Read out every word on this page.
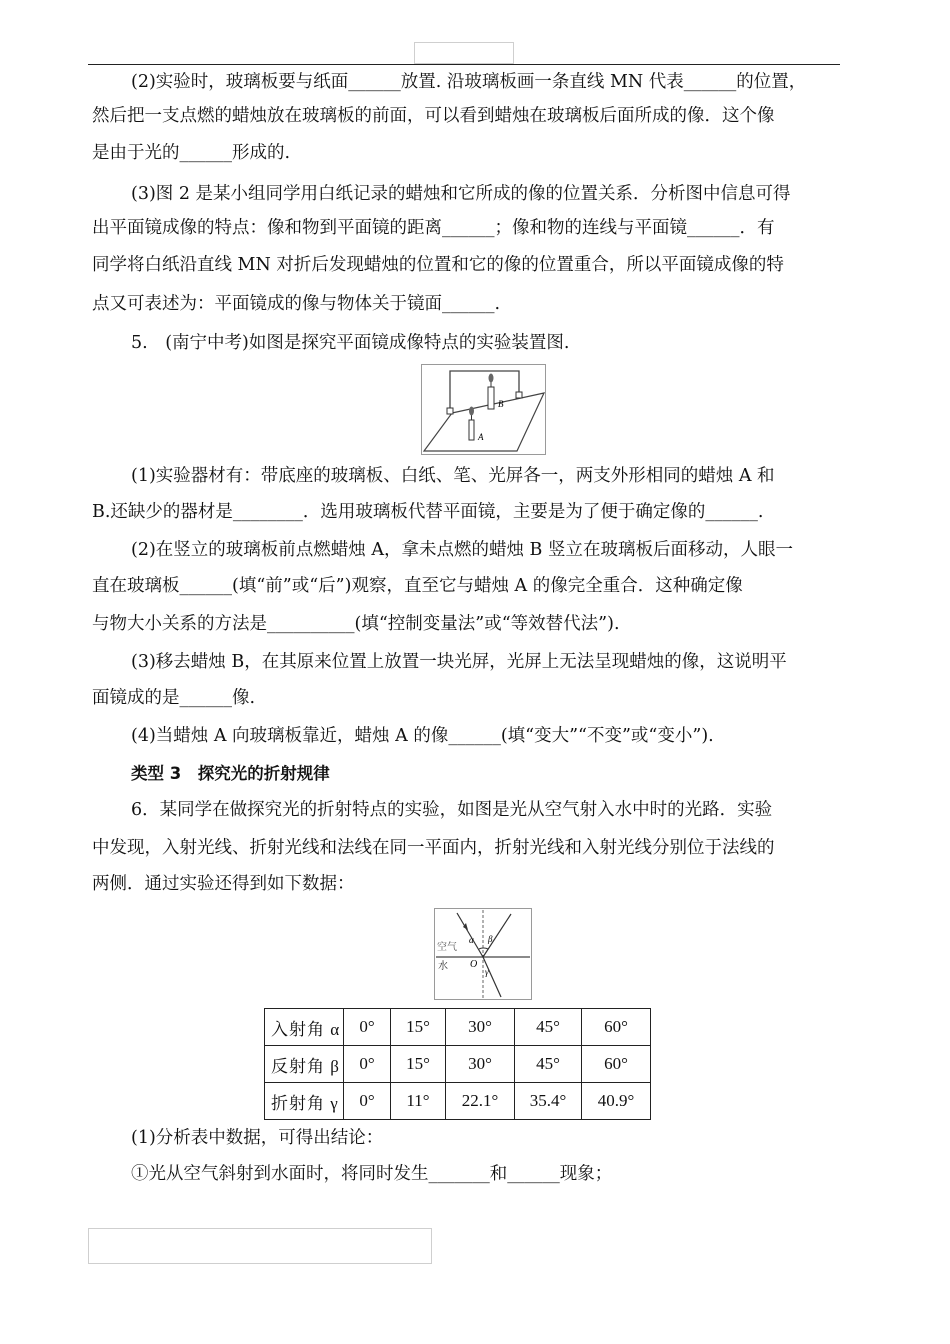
(2)实验时，玻璃板要与纸面______放置. 沿玻璃板画一条直线 MN 代表______的位置，
然后把一支点燃的蜡烛放在玻璃板的前面，可以看到蜡烛在玻璃板后面所成的像．这个像
是由于光的______形成的.
(3)图 2 是某小组同学用白纸记录的蜡烛和它所成的像的位置关系．分析图中信息可得
出平面镜成像的特点：像和物到平面镜的距离______；像和物的连线与平面镜______．有
同学将白纸沿直线 MN 对折后发现蜡烛的位置和它的像的位置重合，所以平面镜成像的特
点又可表述为：平面镜成的像与物体关于镜面______.
5.　(南宁中考)如图是探究平面镜成像特点的实验装置图.
B
A
(1)实验器材有：带底座的玻璃板、白纸、笔、光屏各一，两支外形相同的蜡烛 A 和
B.还缺少的器材是________．选用玻璃板代替平面镜，主要是为了便于确定像的______.
(2)在竖立的玻璃板前点燃蜡烛 A，拿未点燃的蜡烛 B 竖立在玻璃板后面移动，人眼一
直在玻璃板______(填“前”或“后”)观察，直至它与蜡烛 A 的像完全重合．这种确定像
与物大小关系的方法是__________(填“控制变量法”或“等效替代法”).
(3)移去蜡烛 B，在其原来位置上放置一块光屏，光屏上无法呈现蜡烛的像，这说明平
面镜成的是______像.
(4)当蜡烛 A 向玻璃板靠近，蜡烛 A 的像______(填“变大”“不变”或“变小”).
类型 3　探究光的折射规律
6．某同学在做探究光的折射特点的实验，如图是光从空气射入水中时的光路．实验
中发现，入射光线、折射光线和法线在同一平面内，折射光线和入射光线分别位于法线的
两侧．通过实验还得到如下数据：
α β
空气
水 O
γ
入射角 α	0°	15°	30°	45°	60°
反射角 β	0°	15°	30°	45°	60°
折射角 γ	0°	11°	22.1°	35.4°	40.9°
(1)分析表中数据，可得出结论：
①光从空气斜射到水面时，将同时发生_______和______现象；
